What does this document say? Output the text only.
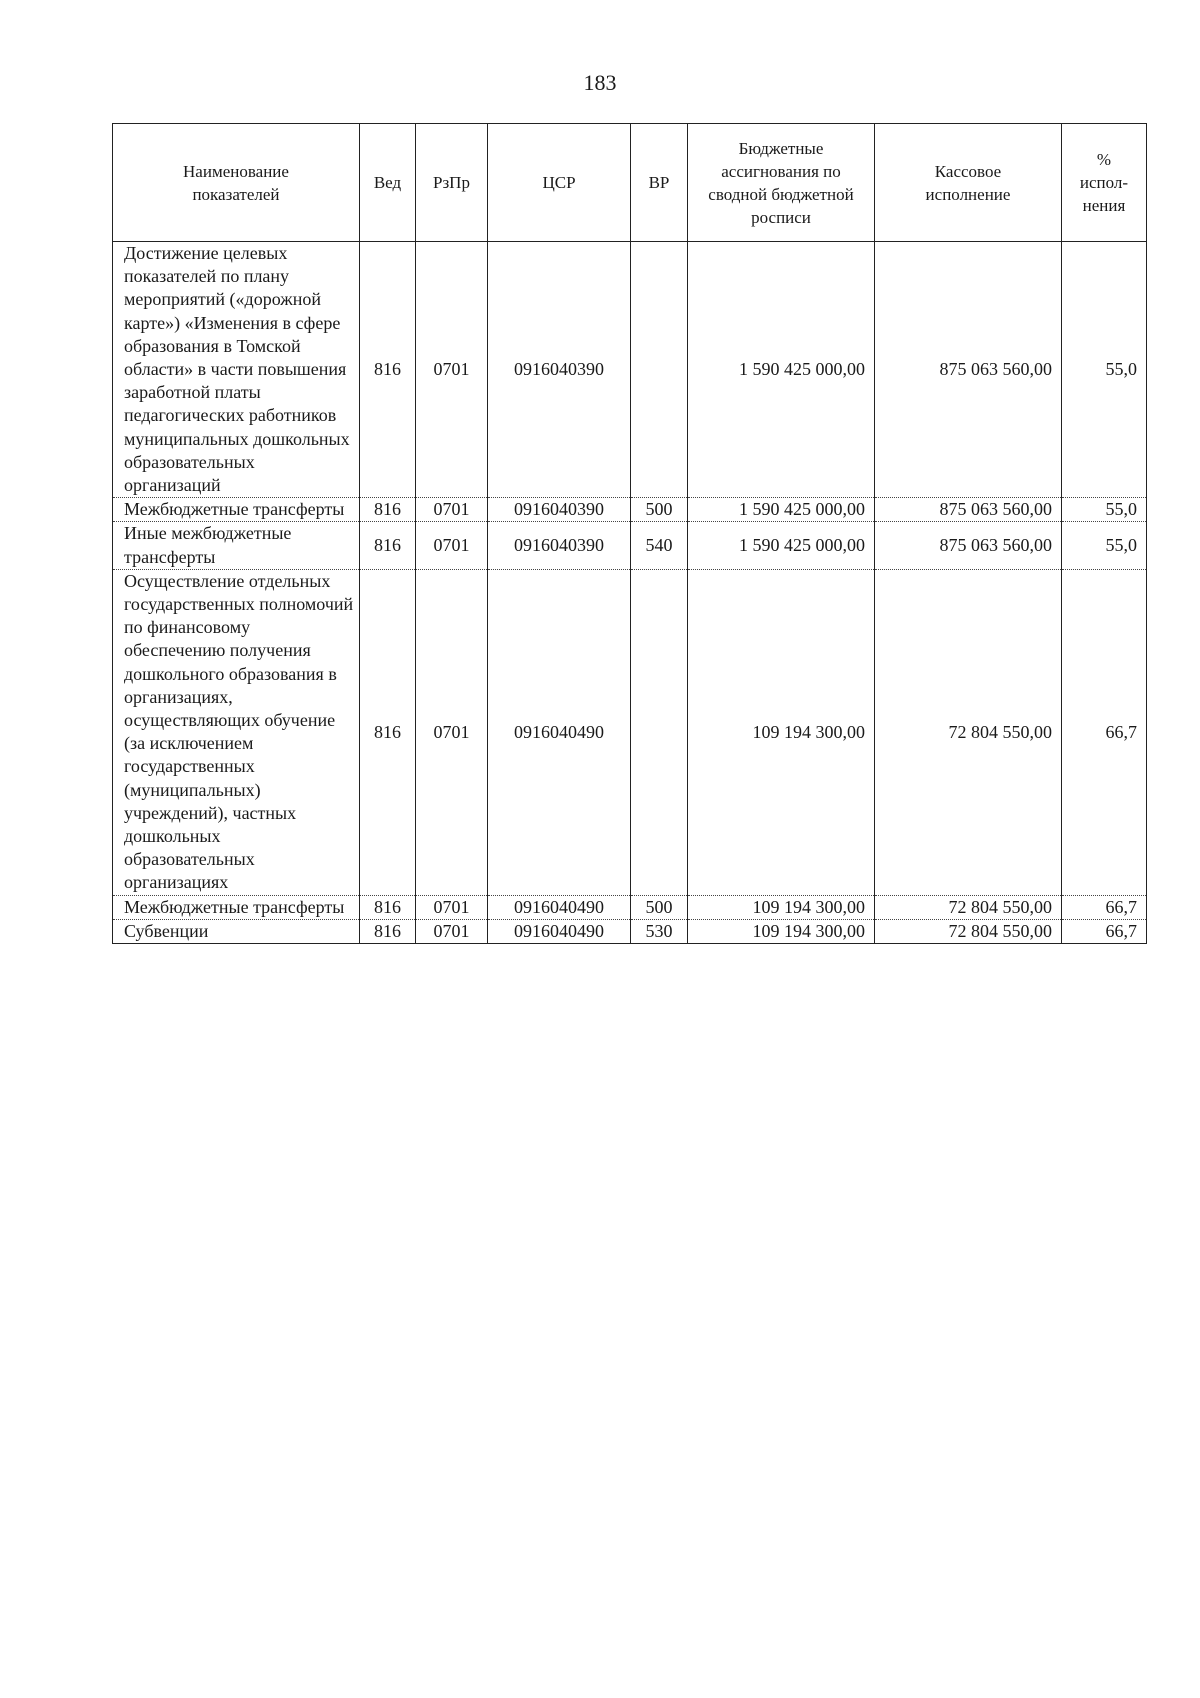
183
Наименование показателей	Вед	РзПр	ЦСР	ВР	Бюджетные ассигнования по сводной бюджетной росписи	Кассовое исполнение	% испол-нения
Достижение целевых показателей по плану мероприятий («дорожной карте») «Изменения в сфере образования в Томской области» в части повышения заработной платы педагогических работников муниципальных дошкольных образовательных организаций	816	0701	0916040390		1 590 425 000,00	875 063 560,00	55,0
Межбюджетные трансферты	816	0701	0916040390	500	1 590 425 000,00	875 063 560,00	55,0
Иные межбюджетные трансферты	816	0701	0916040390	540	1 590 425 000,00	875 063 560,00	55,0
Осуществление отдельных государственных полномочий по финансовому обеспечению получения дошкольного образования в организациях, осуществляющих обучение (за исключением государственных (муниципальных) учреждений), частных дошкольных образовательных организациях	816	0701	0916040490		109 194 300,00	72 804 550,00	66,7
Межбюджетные трансферты	816	0701	0916040490	500	109 194 300,00	72 804 550,00	66,7
Субвенции	816	0701	0916040490	530	109 194 300,00	72 804 550,00	66,7
